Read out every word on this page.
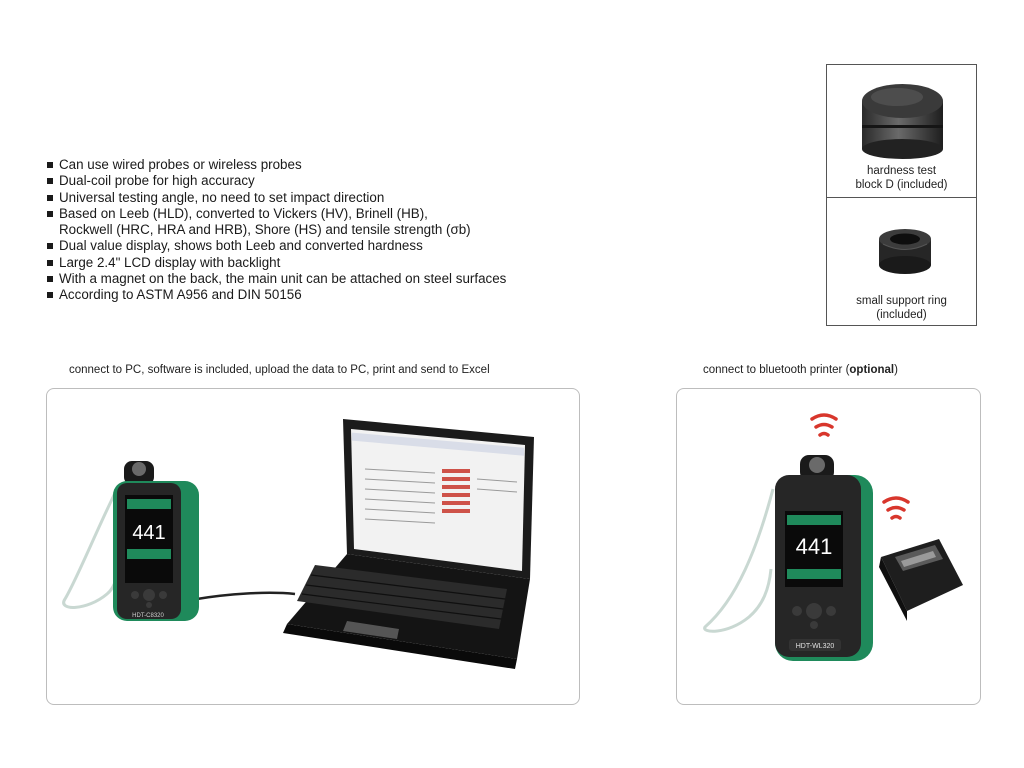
Can use wired probes or wireless probes
Dual-coil probe for high accuracy
Universal testing angle, no need to set impact direction
Based on Leeb (HLD), converted to Vickers (HV), Brinell (HB),
Rockwell (HRC, HRA and HRB), Shore (HS) and tensile strength (σb)
Dual value display, shows both Leeb and converted hardness
Large 2.4" LCD display with backlight
With a magnet on the back, the main unit can be attached on steel surfaces
According to ASTM A956 and DIN 50156
hardness test
block D (included)
small support ring
(included)
connect to PC, software is included, upload the data to PC, print and send to Excel	connect to bluetooth printer (optional)
441
HDT-C8320
441
HDT-WL320
